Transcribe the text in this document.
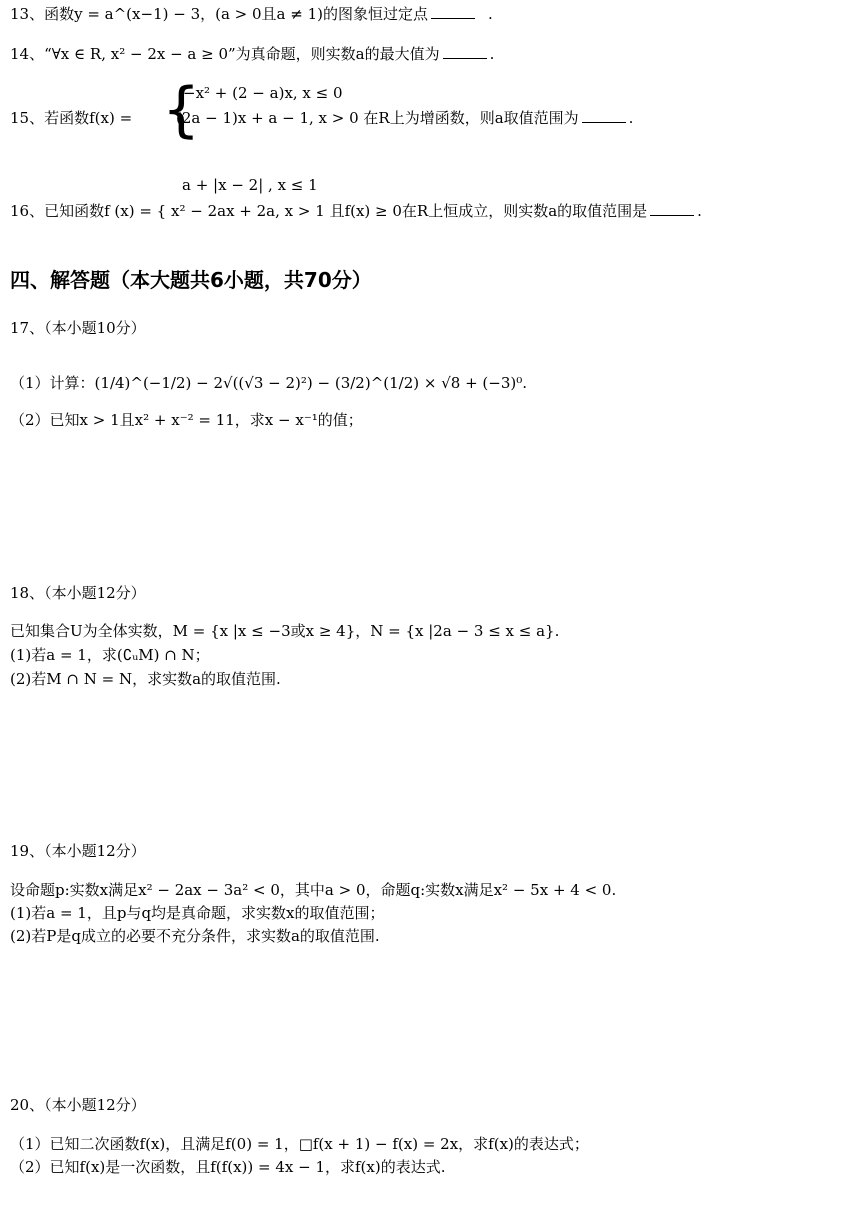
13、函数y = a^(x−1) − 3，(a > 0且a ≠ 1)的图象恒过定点	.
14、“∀x ∈ R, x² − 2x − a ≥ 0”为真命题，则实数a的最大值为	.
−x² + (2 − a)x, x ≤ 0
{
15、若函数f(x) =	(2a − 1)x + a − 1, x > 0 在R上为增函数，则a取值范围为	.
a + |x − 2| , x ≤ 1
16、已知函数f (x) = { x² − 2ax + 2a, x > 1 且f(x) ≥ 0在R上恒成立，则实数a的取值范围是	.
四、解答题（本大题共6小题，共70分）
17、（本小题10分）
（1）计算：(1/4)^(−1/2) − 2√((√3 − 2)²) − (3/2)^(1/2) × √8 + (−3)⁰.
（2）已知x > 1且x² + x⁻² = 11，求x − x⁻¹的值；
18、（本小题12分）
已知集合U为全体实数，M = {x |x ≤ −3或x ≥ 4}，N = {x |2a − 3 ≤ x ≤ a}.
(1)若a = 1，求(∁ᵤM) ∩ N；
(2)若M ∩ N = N，求实数a的取值范围.
19、（本小题12分）
设命题p:实数x满足x² − 2ax − 3a² < 0，其中a > 0，命题q:实数x满足x² − 5x + 4 < 0.
(1)若a = 1，且p与q均是真命题，求实数x的取值范围；
(2)若P是q成立的必要不充分条件，求实数a的取值范围.
20、（本小题12分）
（1）已知二次函数f(x)，且满足f(0) = 1，□f(x + 1) − f(x) = 2x，求f(x)的表达式；
（2）已知f(x)是一次函数，且f(f(x)) = 4x − 1，求f(x)的表达式.
